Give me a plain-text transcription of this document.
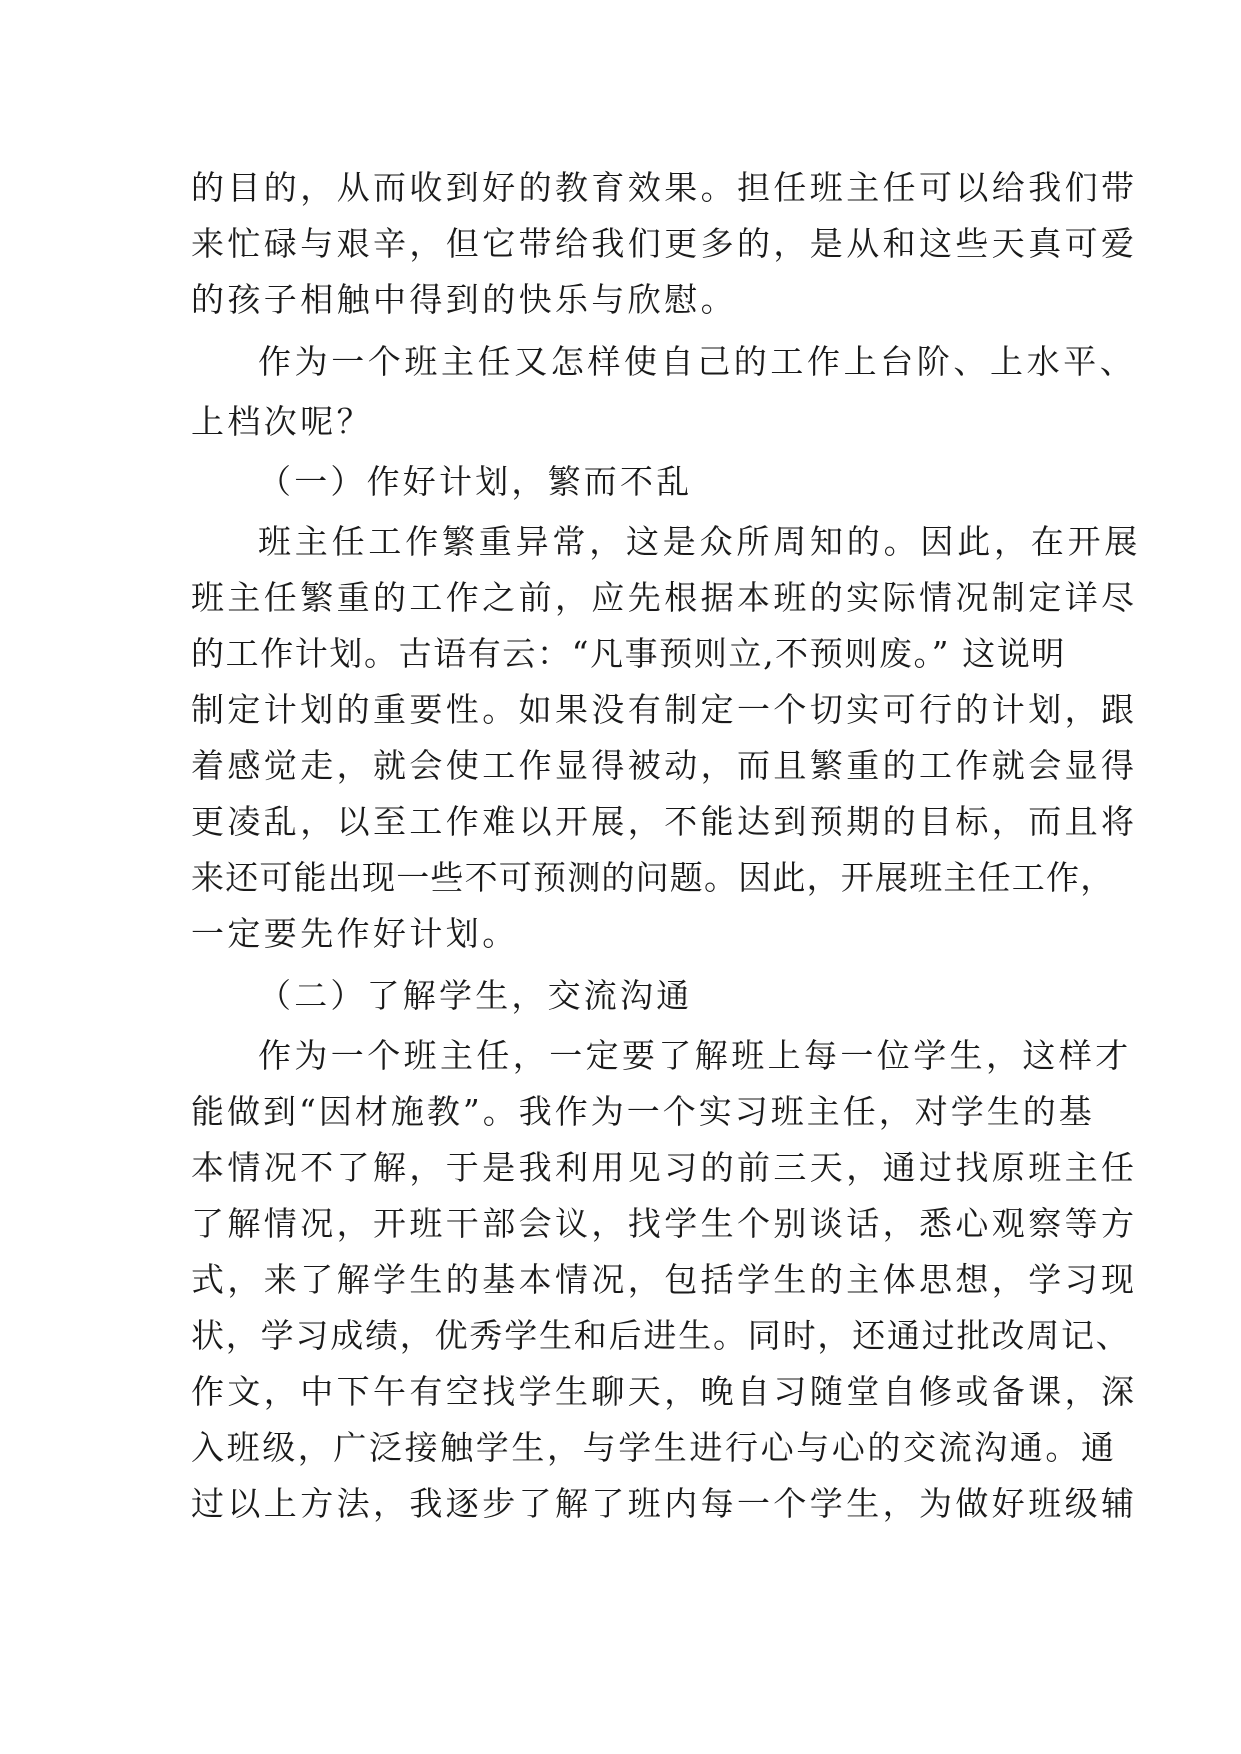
的目的，从而收到好的教育效果。担任班主任可以给我们带

来忙碌与艰辛，但它带给我们更多的，是从和这些天真可爱

的孩子相触中得到的快乐与欣慰。

作为一个班主任又怎样使自己的工作上台阶、上水平、

上档次呢？

（一）作好计划，繁而不乱

班主任工作繁重异常，这是众所周知的。因此，在开展

班主任繁重的工作之前，应先根据本班的实际情况制定详尽

的工作计划。古语有云：“凡事预则立,不预则废。” 这说明

制定计划的重要性。如果没有制定一个切实可行的计划，跟

着感觉走，就会使工作显得被动，而且繁重的工作就会显得

更凌乱，以至工作难以开展，不能达到预期的目标，而且将

来还可能出现一些不可预测的问题。因此，开展班主任工作，

一定要先作好计划。

（二）了解学生，交流沟通

作为一个班主任，一定要了解班上每一位学生，这样才

能做到“因材施教”。我作为一个实习班主任，对学生的基

本情况不了解，于是我利用见习的前三天，通过找原班主任

了解情况，开班干部会议，找学生个别谈话，悉心观察等方

式，来了解学生的基本情况，包括学生的主体思想，学习现

状，学习成绩，优秀学生和后进生。同时，还通过批改周记、

作文，中下午有空找学生聊天，晚自习随堂自修或备课，深

入班级，广泛接触学生，与学生进行心与心的交流沟通。通

过以上方法，我逐步了解了班内每一个学生，为做好班级辅
